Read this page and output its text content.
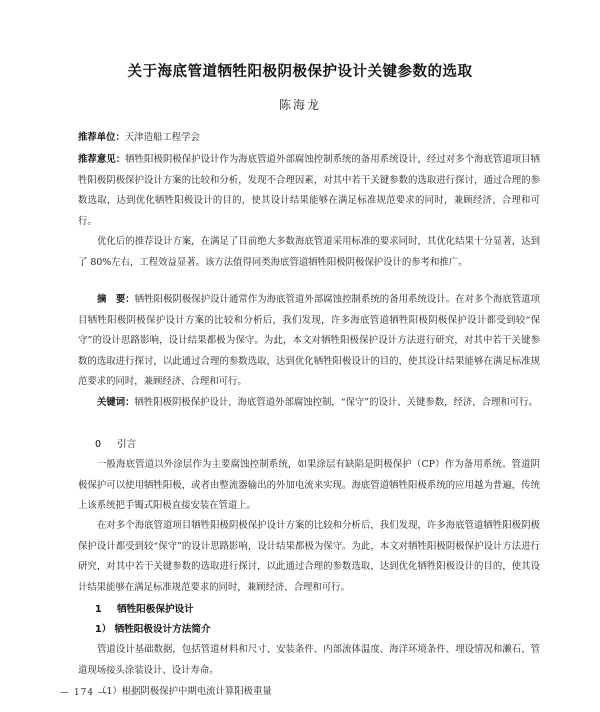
关于海底管道牺牲阳极阴极保护设计关键参数的选取
陈海龙
推荐单位：天津造船工程学会
推荐意见：牺牲阳极阴极保护设计作为海底管道外部腐蚀控制系统的备用系统设计，经过对多个海底管道项目牺牲阳极阴极保护设计方案的比较和分析，发现不合理因素，对其中若干关键参数的选取进行探讨，通过合理的参数选取，达到优化牺牲阳极设计的目的，使其设计结果能够在满足标准规范要求的同时，兼顾经济、合理和可行。
优化后的推荐设计方案，在满足了目前绝大多数海底管道采用标准的要求同时，其优化结果十分显著，达到了 80%左右，工程效益显著。该方法值得同类海底管道牺牲阳极阴极保护设计的参考和推广。
摘　要：牺牲阳极阴极保护设计通常作为海底管道外部腐蚀控制系统的备用系统设计。在对多个海底管道项目牺牲阳极阴极保护设计方案的比较和分析后，我们发现，许多海底管道牺牲阳极阴极保护设计都受到较“保守”的设计思路影响，设计结果都极为保守。为此，本文对牺牲阳极保护设计方法进行研究，对其中若干关键参数的选取进行探讨，以此通过合理的参数选取，达到优化牺牲阳极设计的目的，使其设计结果能够在满足标准规范要求的同时，兼顾经济、合理和可行。
关键词：牺牲阳极阴极保护设计，海底管道外部腐蚀控制，“保守”的设计、关键参数，经济，合理和可行。
0 引言
一般海底管道以外涂层作为主要腐蚀控制系统，如果涂层有缺陷是阴极保护（CP）作为备用系统。管道阴极保护可以使用牺牲阳极，或者由整流器输出的外加电流来实现。海底管道牺牲阳极系统的应用越为普遍，传统上该系统把手镯式阳极直接安装在管道上。
在对多个海底管道项目牺牲阳极阴极保护设计方案的比较和分析后，我们发现，许多海底管道牺牲阳极阴极保护设计都受到较“保守”的设计思路影响，设计结果都极为保守。为此，本文对牺牲阳极阴极保护设计方法进行研究，对其中若干关键参数的选取进行探讨，以此通过合理的参数选取，达到优化牺牲阳极设计的目的，使其设计结果能够在满足标准规范要求的同时，兼顾经济、合理和可行。
1 牺牲阳极保护设计
1） 牺牲阳极设计方法简介
管道设计基础数据，包括管道材料和尺寸、安装条件、内部流体温度、海洋环境条件、埋设情况和濑石、管道现场接头涂装设计、设计寿命。
（1）根据阴极保护中期电流计算阳极重量
— 174 —
